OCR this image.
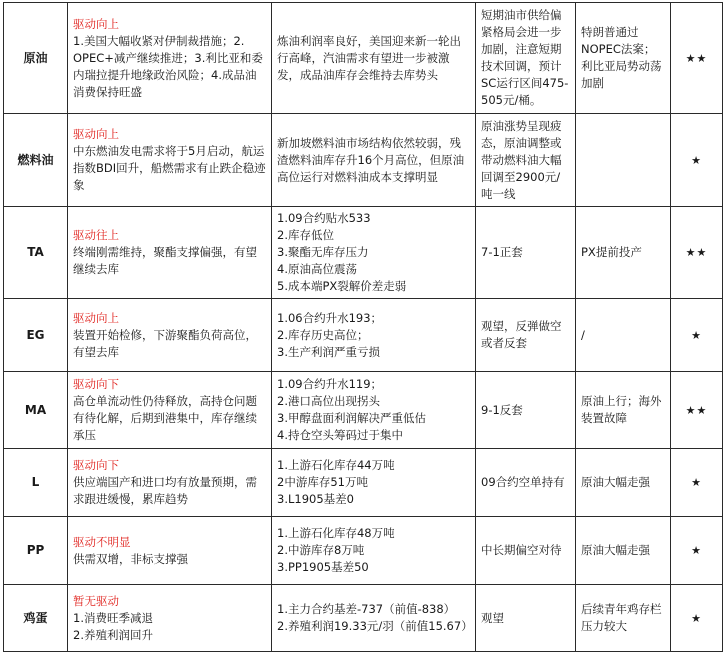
原油	驱动向上
1.美国大幅收紧对伊制裁措施；2. OPEC+减产继续推进；3.利比亚和委内瑞拉提升地缘政治风险；4.成品油消费保持旺盛	炼油利润率良好，美国迎来新一轮出行高峰，汽油需求有望进一步被激发，成品油库存会维持去库势头	短期油市供给偏紧格局会进一步加剧，注意短期技术回调，预计SC运行区间475-505元/桶。	特朗普通过NOPEC法案；利比亚局势动荡加剧	★★
燃料油	驱动向上
中东燃油发电需求将于5月启动，航运指数BDI回升，船燃需求有止跌企稳迹象	新加坡燃料油市场结构依然较弱，残渣燃料油库存升16个月高位，但原油高位运行对燃料油成本支撑明显	原油涨势呈现疲态，原油调整或带动燃料油大幅回调至2900元/吨一线		★
TA	驱动往上
终端刚需维持，聚酯支撑偏强，有望继续去库	1.09合约贴水533
2.库存低位
3.聚酯无库存压力
4.原油高位震荡
5.成本端PX裂解价差走弱	7-1正套	PX提前投产	★★
EG	驱动向上
装置开始检修，下游聚酯负荷高位，有望去库	1.06合约升水193；
2.库存历史高位；
3.生产利润严重亏损	观望，反弹做空或者反套	/	★
MA	驱动向下
高仓单流动性仍待释放，高持仓问题有待化解，后期到港集中，库存继续承压	1.09合约升水119；
2.港口高位出现拐头
3.甲醇盘面利润解决严重低估
4.持仓空头筹码过于集中	9-1反套	原油上行；海外装置故障	★★
L	驱动向下
供应端国产和进口均有放量预期，需求跟进缓慢，累库趋势	1.上游石化库存44万吨
2中游库存51万吨
3.L1905基差0	09合约空单持有	原油大幅走强	★
PP	驱动不明显
供需双增，非标支撑强	1.上游石化库存48万吨
2.中游库存8万吨
3.PP1905基差50	中长期偏空对待	原油大幅走强	★
鸡蛋	暂无驱动
1.消费旺季减退
2.养殖利润回升	1.主力合约基差-737（前值-838）
2.养殖利润19.33元/羽（前值15.67）	观望	后续青年鸡存栏压力较大	★
